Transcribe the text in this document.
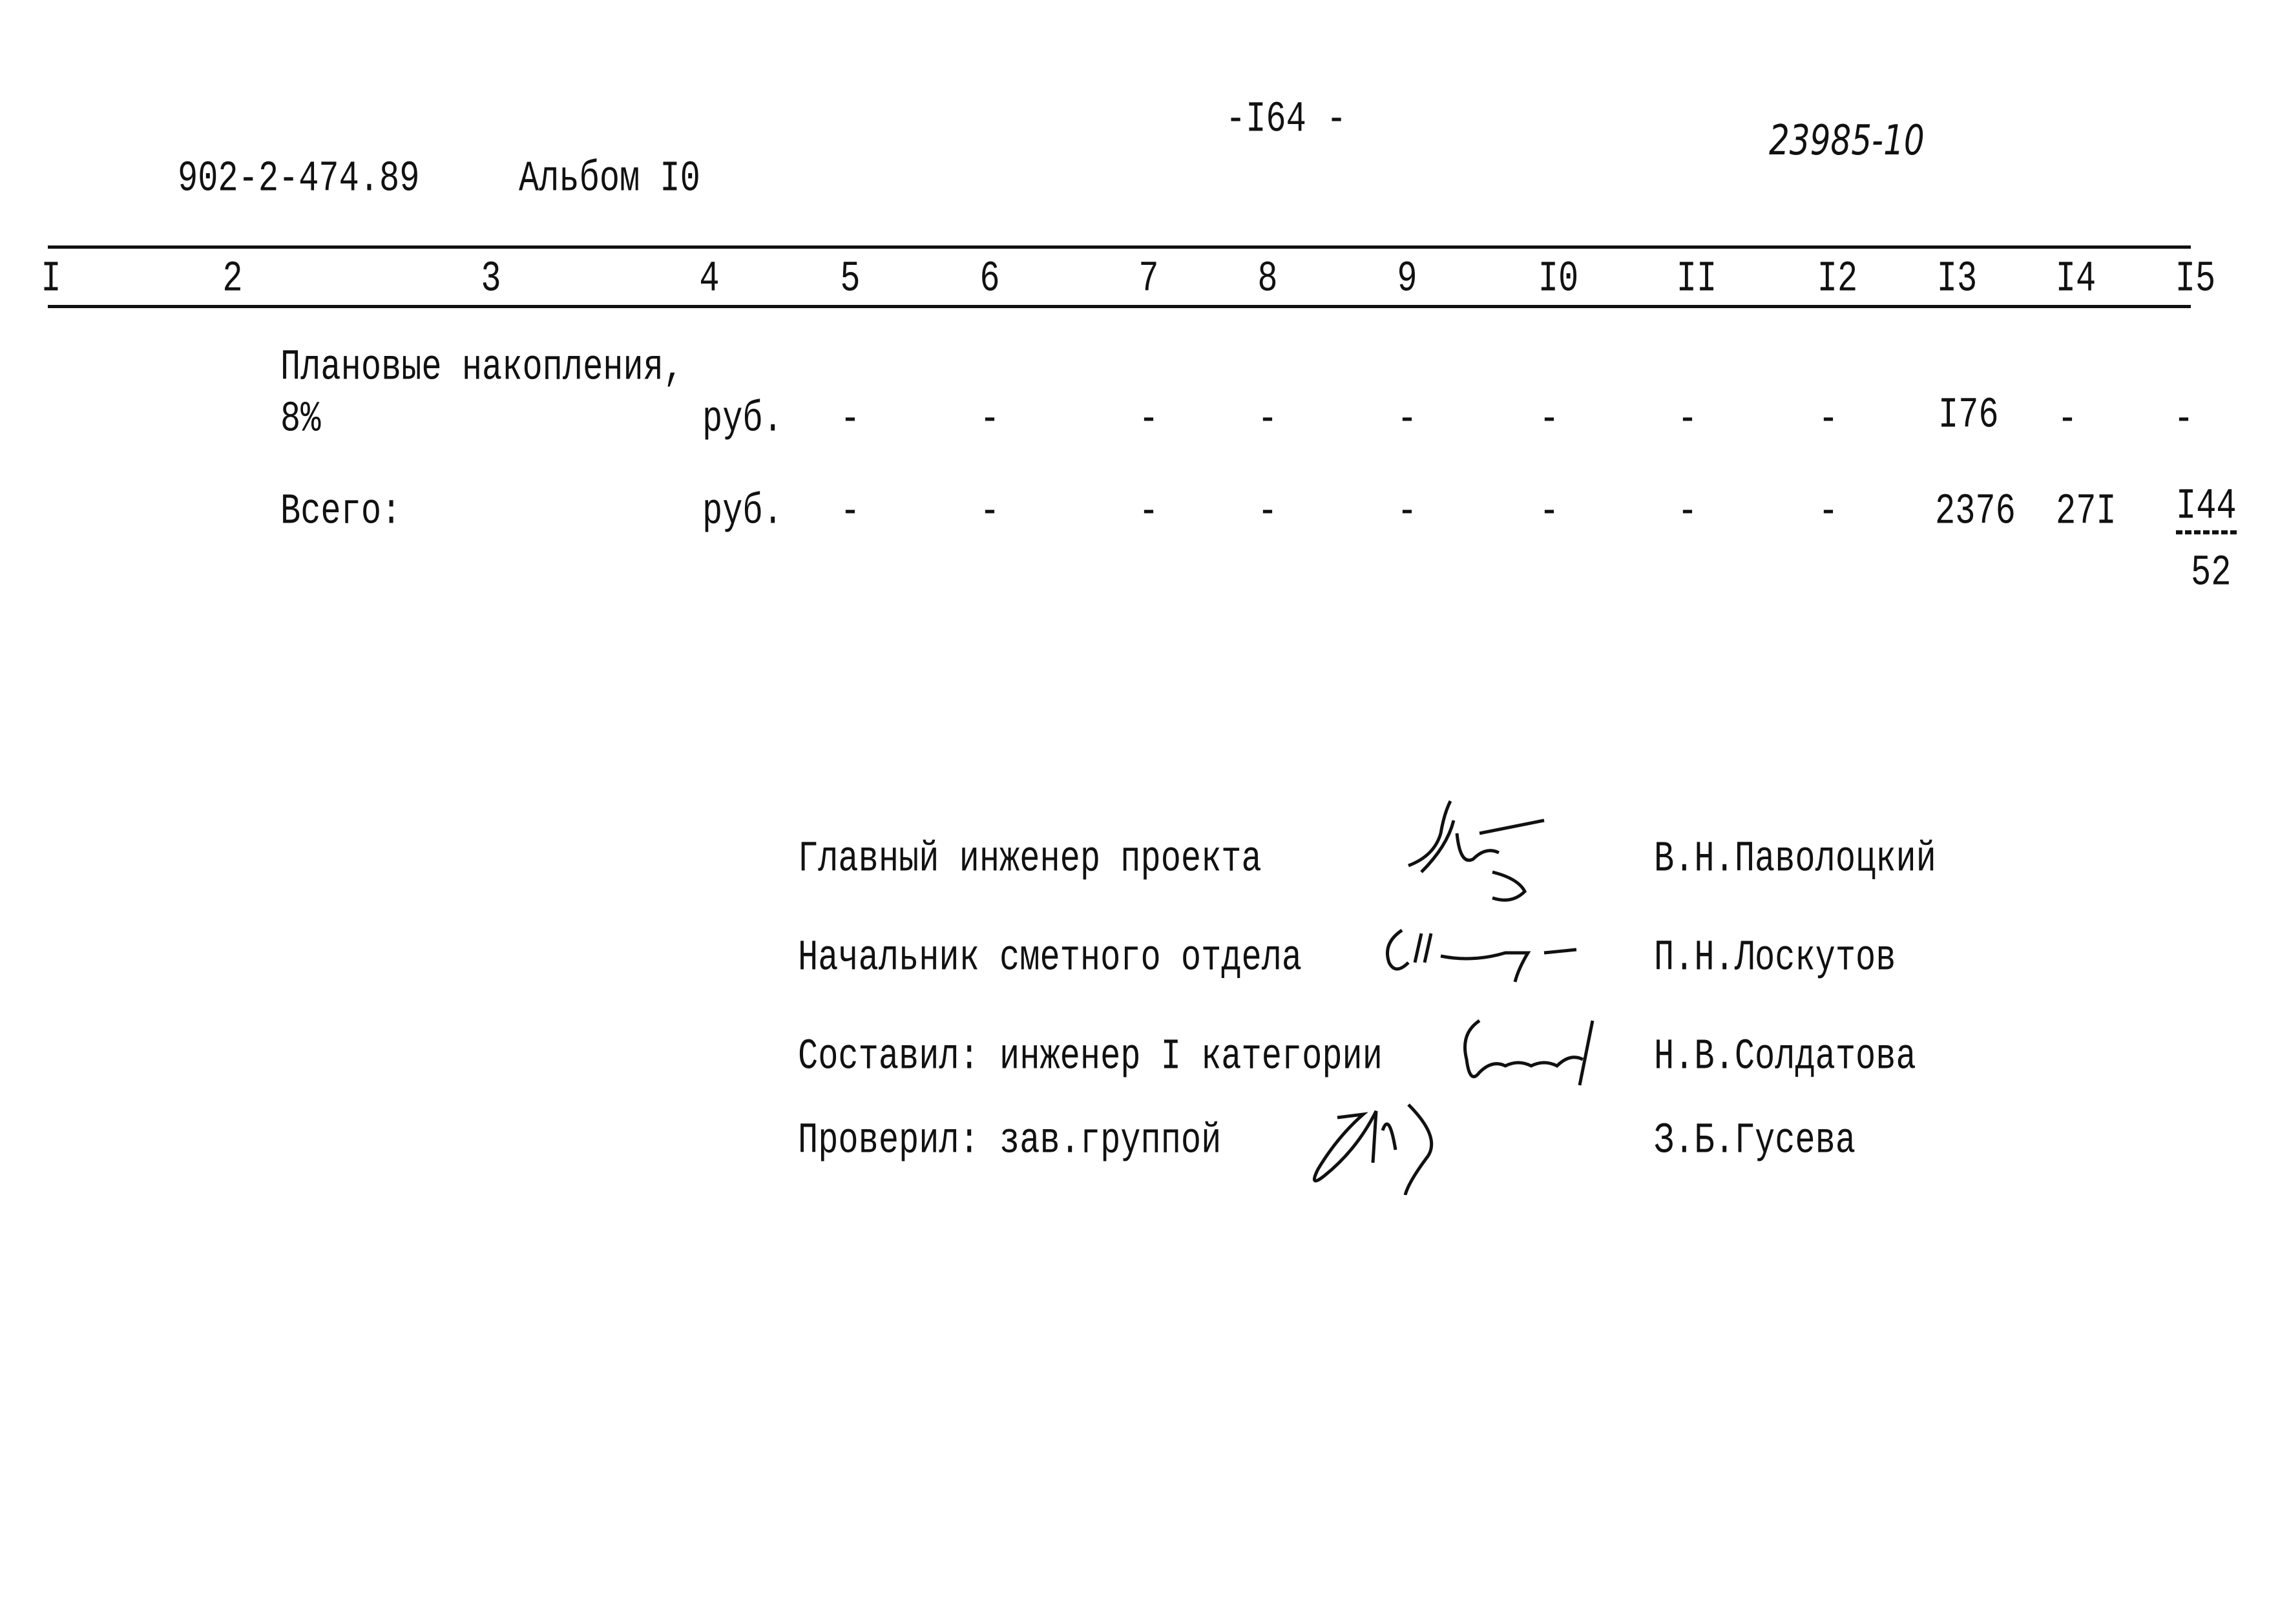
902-2-474.89	Альбом I0
-I64 -	23985-10
I	2	3	4	5	6	7	8	9	I0	II	I2 I3 I4 I5
Плановые накопления,
8%	руб. -	-	-	-	-	-	-	-	I76 -	-
Всего:	руб. -	-	-	-	-	-	-	-	2376 27I I44
52
Главный инженер проекта	В.Н.Паволоцкий
Начальник сметного отдела	П.Н.Лоскутов
Составил: инженер I категории	Н.В.Солдатова
Проверил: зав.группой	З.Б.Гусева
